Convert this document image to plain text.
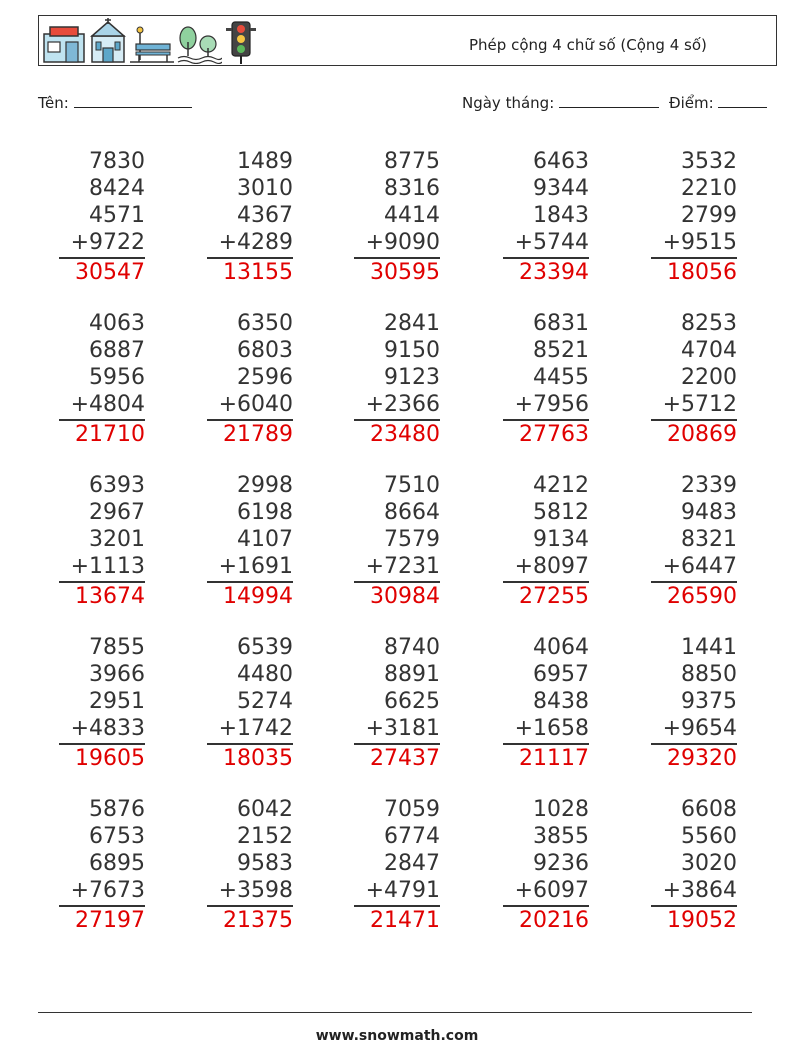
Phép cộng 4 chữ số (Cộng 4 số)
Tên:	Ngày tháng:	Điểm:
7830
8424
4571
+9722
30547
1489
3010
4367
+4289
13155
8775
8316
4414
+9090
30595
6463
9344
1843
+5744
23394
3532
2210
2799
+9515
18056
4063
6887
5956
+4804
21710
6350
6803
2596
+6040
21789
2841
9150
9123
+2366
23480
6831
8521
4455
+7956
27763
8253
4704
2200
+5712
20869
6393
2967
3201
+1113
13674
2998
6198
4107
+1691
14994
7510
8664
7579
+7231
30984
4212
5812
9134
+8097
27255
2339
9483
8321
+6447
26590
7855
3966
2951
+4833
19605
6539
4480
5274
+1742
18035
8740
8891
6625
+3181
27437
4064
6957
8438
+1658
21117
1441
8850
9375
+9654
29320
5876
6753
6895
+7673
27197
6042
2152
9583
+3598
21375
7059
6774
2847
+4791
21471
1028
3855
9236
+6097
20216
6608
5560
3020
+3864
19052
www.snowmath.com
